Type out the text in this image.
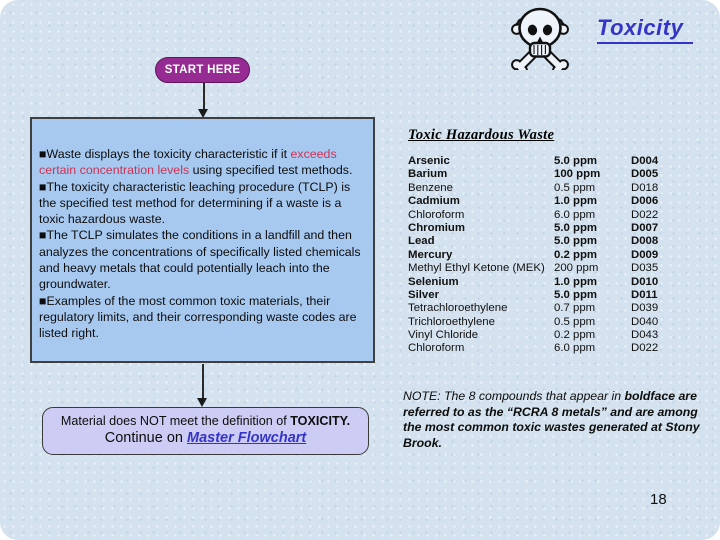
Toxicity
START HERE
■Waste displays the toxicity characteristic if it exceeds certain concentration levels using specified test methods.
■The toxicity characteristic leaching procedure (TCLP) is the specified test method for determining if a waste is a toxic hazardous waste.
■The TCLP simulates the conditions in a landfill and then analyzes the concentrations of specifically listed chemicals and heavy metals that could potentially leach into the groundwater.
■Examples of the most common toxic materials, their regulatory limits, and their corresponding waste codes are listed right.
Toxic Hazardous Waste
Arsenic	5.0 ppm	D004
Barium	100 ppm	D005
Benzene	0.5 ppm	D018
Cadmium	1.0 ppm	D006
Chloroform	6.0 ppm	D022
Chromium	5.0 ppm	D007
Lead	5.0 ppm	D008
Mercury	0.2 ppm	D009
Methyl Ethyl Ketone (MEK) 200 ppm	D035
Selenium	1.0 ppm	D010
Silver	5.0 ppm	D011
Tetrachloroethylene	0.7 ppm	D039
Trichloroethylene	0.5 ppm	D040
Vinyl Chloride	0.2 ppm	D043
Chloroform	6.0 ppm	D022
Material does NOT meet the definition of TOXICITY.
Continue on Master Flowchart
NOTE: The 8 compounds that appear in boldface are referred to as the “RCRA 8 metals” and are among the most common toxic wastes generated at Stony Brook.
18
